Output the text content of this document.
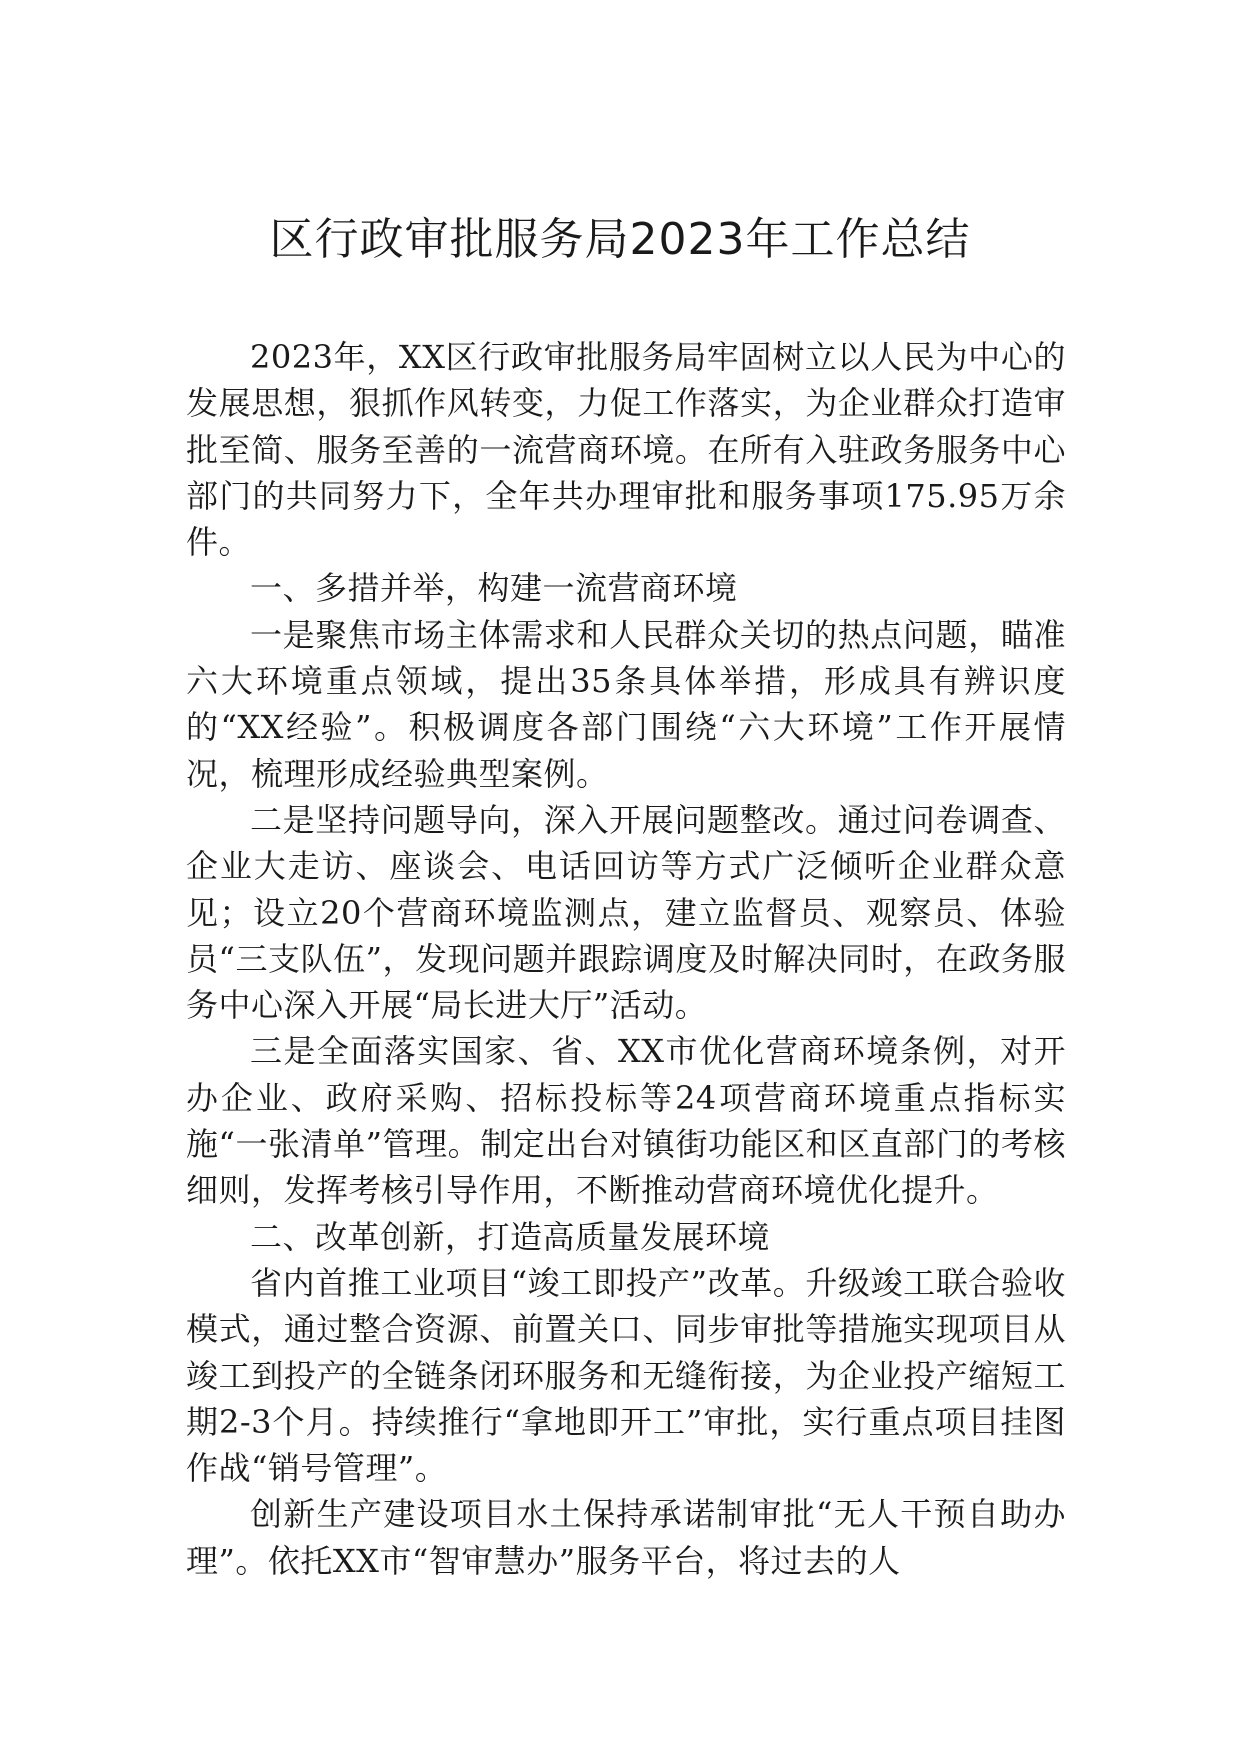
区行政审批服务局2023年工作总结

2023年，XX区行政审批服务局牢固树立以人民为中心的发展思想，狠抓作风转变，力促工作落实，为企业群众打造审批至简、服务至善的一流营商环境。在所有入驻政务服务中心部门的共同努力下，全年共办理审批和服务事项175.95万余件。

一、多措并举，构建一流营商环境

一是聚焦市场主体需求和人民群众关切的热点问题，瞄准六大环境重点领域，提出35条具体举措，形成具有辨识度的“XX经验”。积极调度各部门围绕“六大环境”工作开展情况，梳理形成经验典型案例。

二是坚持问题导向，深入开展问题整改。通过问卷调查、企业大走访、座谈会、电话回访等方式广泛倾听企业群众意见；设立20个营商环境监测点，建立监督员、观察员、体验员“三支队伍”，发现问题并跟踪调度及时解决同时，在政务服务中心深入开展“局长进大厅”活动。

三是全面落实国家、省、XX市优化营商环境条例，对开办企业、政府采购、招标投标等24项营商环境重点指标实施“一张清单”管理。制定出台对镇街功能区和区直部门的考核细则，发挥考核引导作用，不断推动营商环境优化提升。

二、改革创新，打造高质量发展环境

省内首推工业项目“竣工即投产”改革。升级竣工联合验收模式，通过整合资源、前置关口、同步审批等措施实现项目从竣工到投产的全链条闭环服务和无缝衔接，为企业投产缩短工期2-3个月。持续推行“拿地即开工”审批，实行重点项目挂图作战“销号管理”。

创新生产建设项目水土保持承诺制审批“无人干预自助办理”。依托XX市“智审慧办”服务平台，将过去的人
